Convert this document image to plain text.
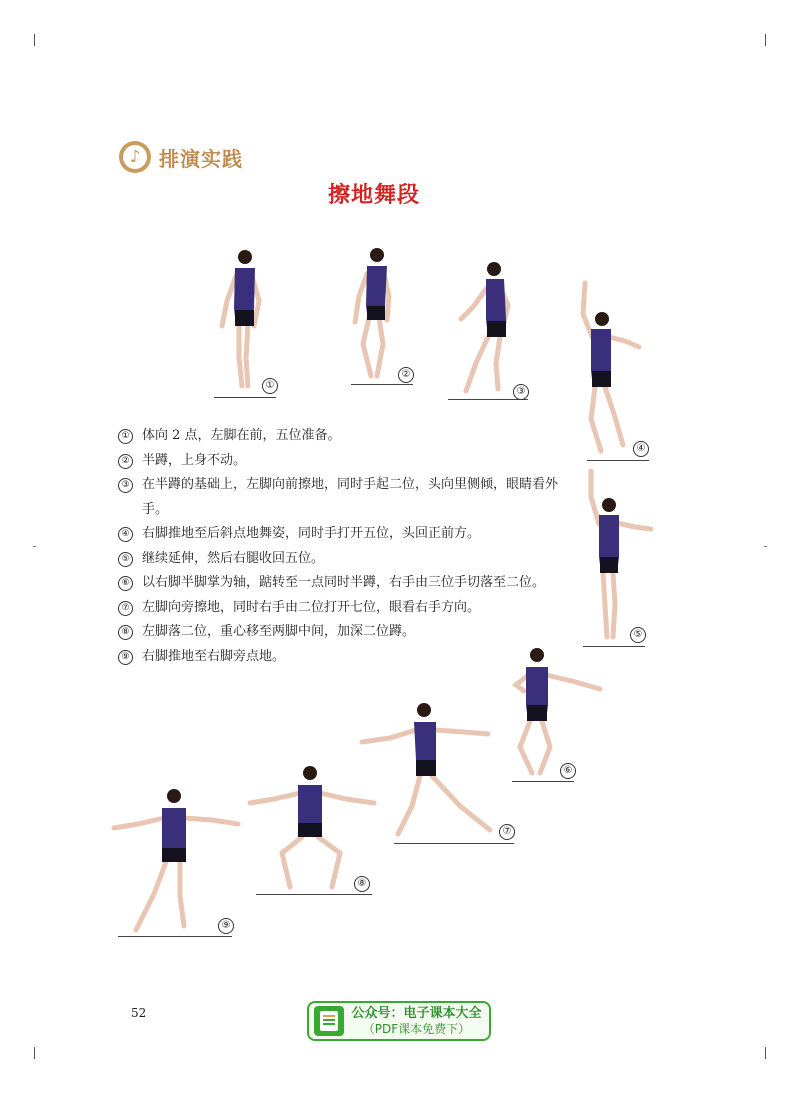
♪ 排演实践
擦地舞段
①
②
③
④
⑤
⑥
⑦
⑧
⑨
① 体向 2 点，左脚在前，五位准备。
② 半蹲，上身不动。
③ 在半蹲的基础上，左脚向前擦地，同时手起二位，头向里侧倾，眼睛看外手。
④ 右脚推地至后斜点地舞姿，同时手打开五位，头回正前方。
⑤ 继续延伸，然后右腿收回五位。
⑥ 以右脚半脚掌为轴，踮转至一点同时半蹲，右手由三位手切落至二位。
⑦ 左脚向旁擦地，同时右手由二位打开七位，眼看右手方向。
⑧ 左脚落二位，重心移至两脚中间，加深二位蹲。
⑨ 右脚推地至右脚旁点地。
52	公众号：电子课本大全
（PDF课本免费下）
